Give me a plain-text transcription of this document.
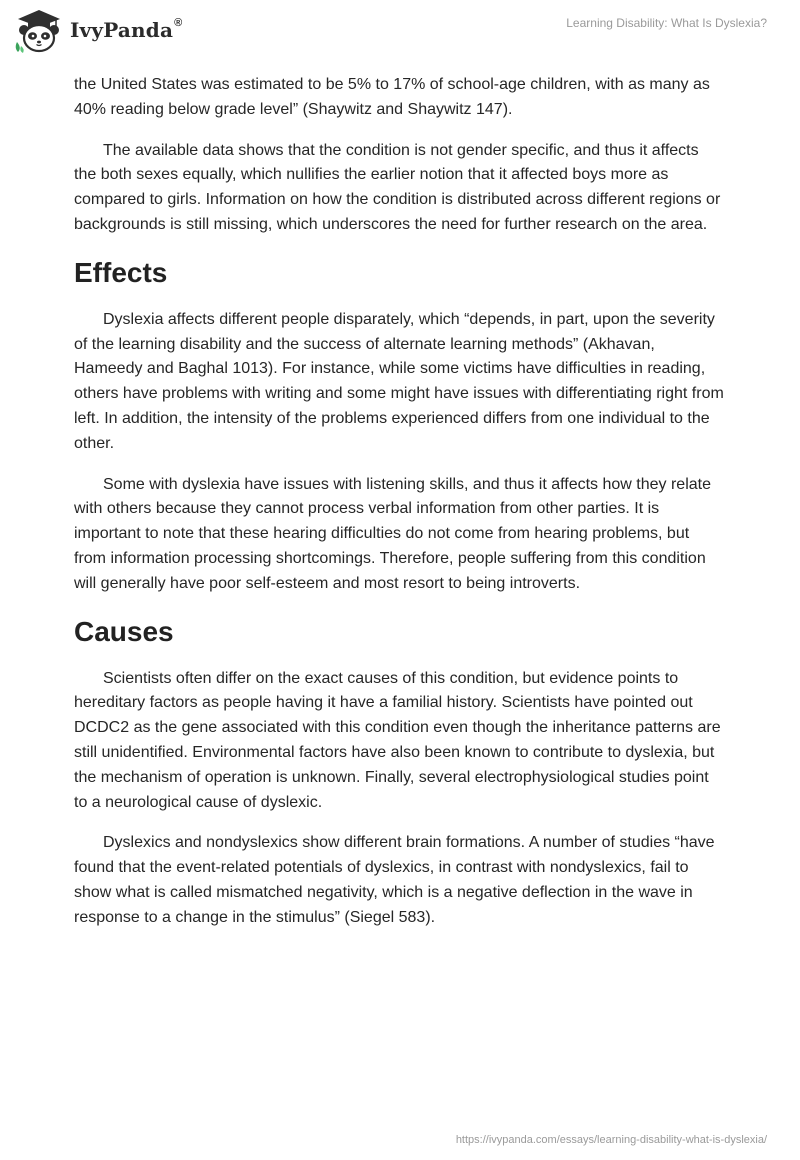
IvyPanda®	Learning Disability: What Is Dyslexia?

the United States was estimated to be 5% to 17% of school-age children, with as many as 40% reading below grade level” (Shaywitz and Shaywitz 147).

The available data shows that the condition is not gender specific, and thus it affects the both sexes equally, which nullifies the earlier notion that it affected boys more as compared to girls. Information on how the condition is distributed across different regions or backgrounds is still missing, which underscores the need for further research on the area.

Effects

Dyslexia affects different people disparately, which “depends, in part, upon the severity of the learning disability and the success of alternate learning methods” (Akhavan, Hameedy and Baghal 1013). For instance, while some victims have difficulties in reading, others have problems with writing and some might have issues with differentiating right from left. In addition, the intensity of the problems experienced differs from one individual to the other.

Some with dyslexia have issues with listening skills, and thus it affects how they relate with others because they cannot process verbal information from other parties. It is important to note that these hearing difficulties do not come from hearing problems, but from information processing shortcomings. Therefore, people suffering from this condition will generally have poor self-esteem and most resort to being introverts.

Causes

Scientists often differ on the exact causes of this condition, but evidence points to hereditary factors as people having it have a familial history. Scientists have pointed out DCDC2 as the gene associated with this condition even though the inheritance patterns are still unidentified. Environmental factors have also been known to contribute to dyslexia, but the mechanism of operation is unknown. Finally, several electrophysiological studies point to a neurological cause of dyslexic.

Dyslexics and nondyslexics show different brain formations. A number of studies “have found that the event-related potentials of dyslexics, in contrast with nondyslexics, fail to show what is called mismatched negativity, which is a negative deflection in the wave in response to a change in the stimulus” (Siegel 583).

https://ivypanda.com/essays/learning-disability-what-is-dyslexia/
